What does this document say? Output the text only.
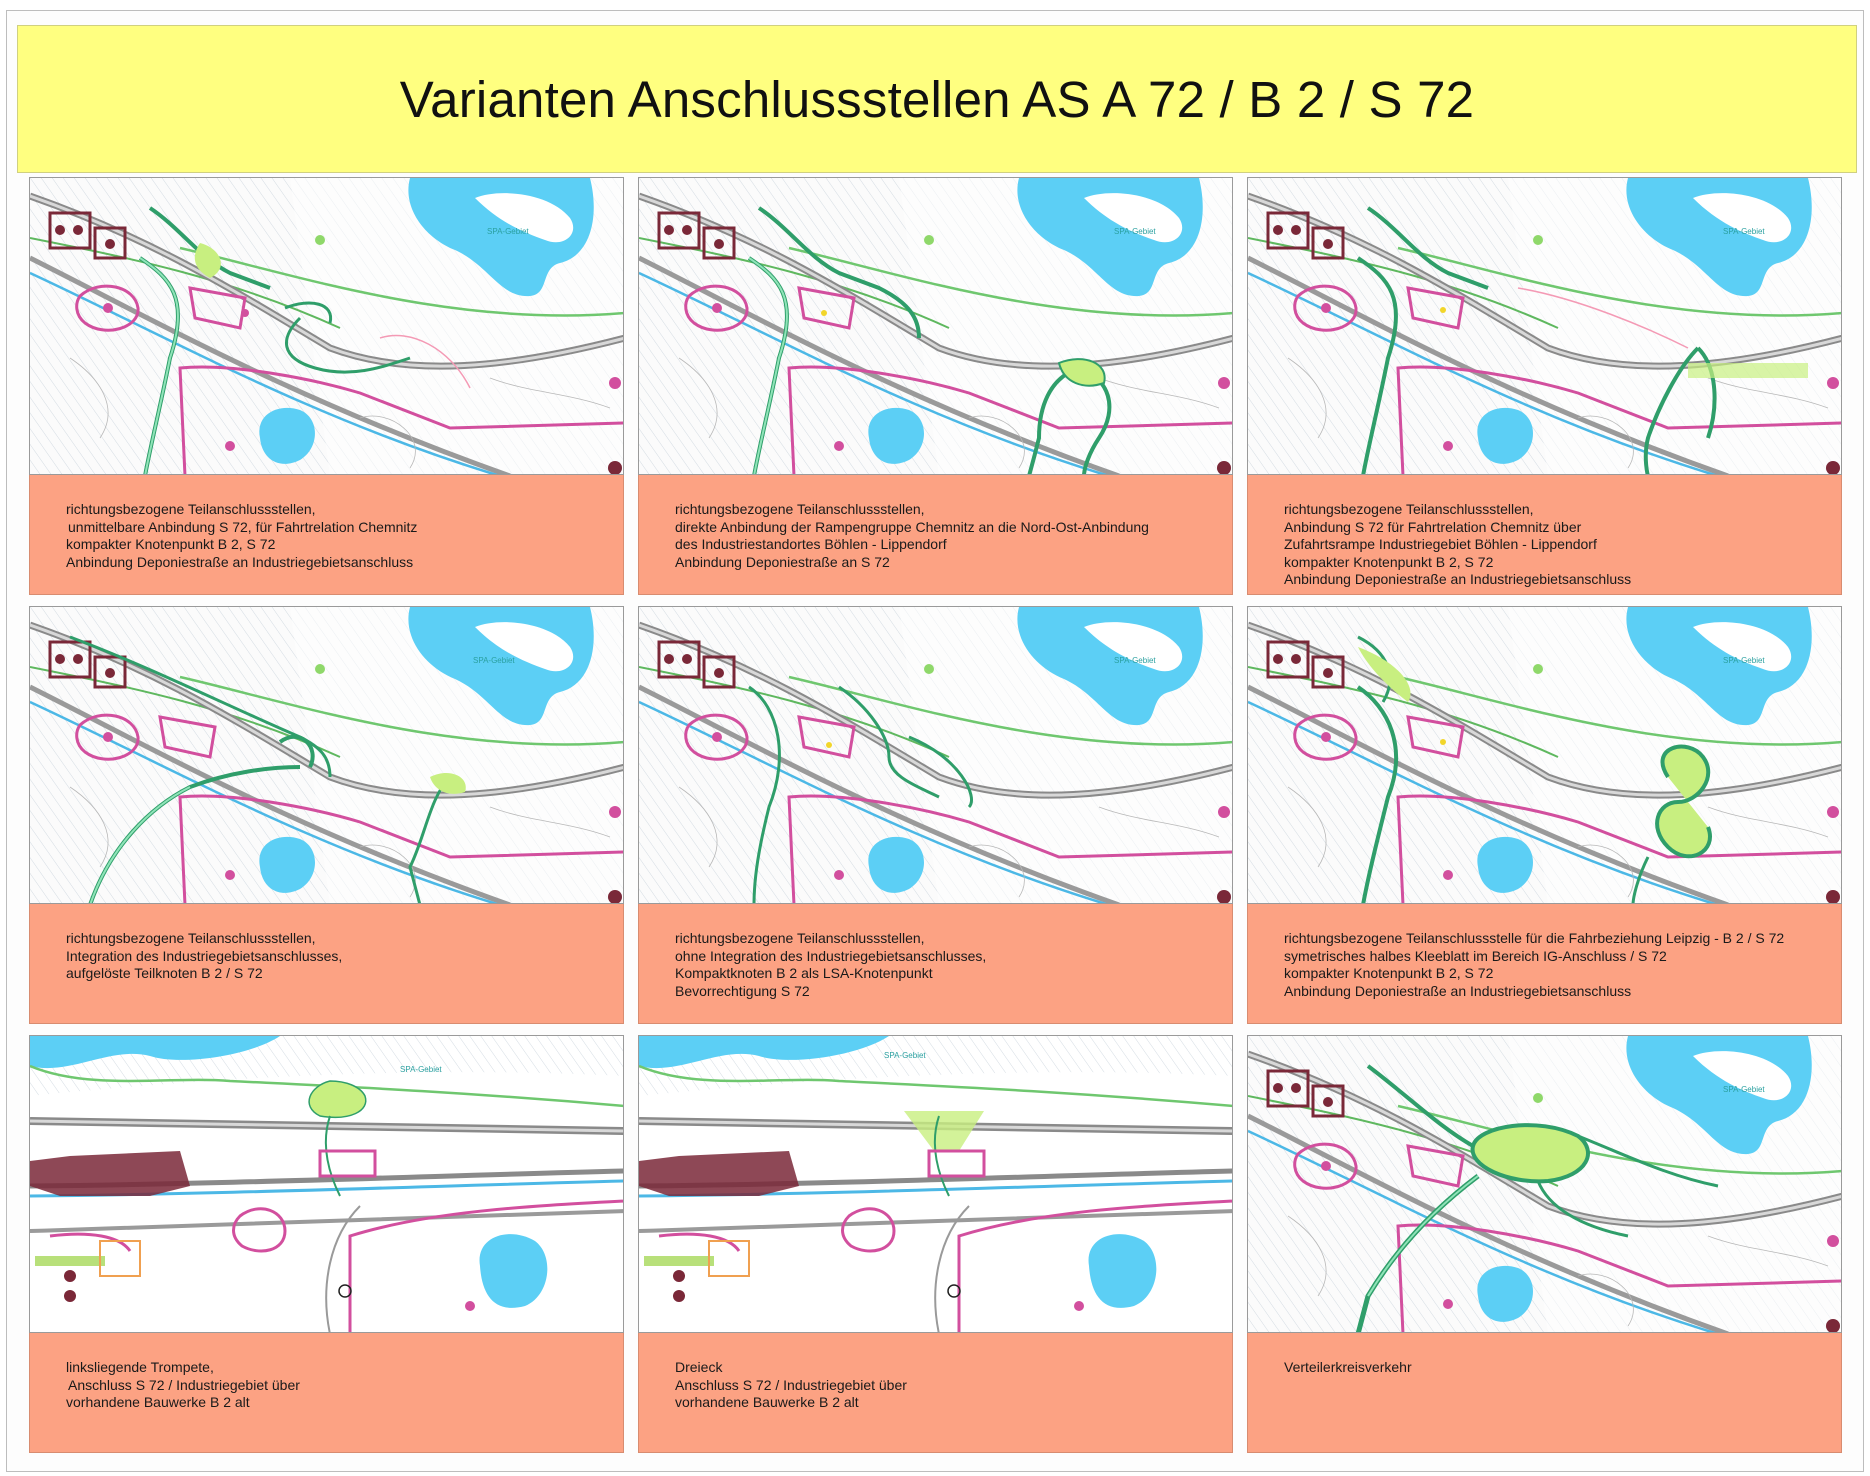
Varianten Anschlussstellen AS A 72 / B 2 / S 72
SPA-Gebiet
richtungsbezogene Teilanschlussstellen,
unmittelbare Anbindung S 72, für Fahrtrelation Chemnitz
kompakter Knotenpunkt B 2, S 72
Anbindung Deponiestraße an Industriegebietsanschluss
SPA-Gebiet
richtungsbezogene Teilanschlussstellen,
direkte Anbindung der Rampengruppe Chemnitz an die Nord-Ost-Anbindung
des Industriestandortes Böhlen - Lippendorf
Anbindung Deponiestraße an S 72
SPA-Gebiet
richtungsbezogene Teilanschlussstellen,
Anbindung S 72 für Fahrtrelation Chemnitz über
Zufahrtsrampe Industriegebiet Böhlen - Lippendorf
kompakter Knotenpunkt B 2, S 72
Anbindung Deponiestraße an Industriegebietsanschluss
SPA-Gebiet
richtungsbezogene Teilanschlussstellen,
Integration des Industriegebietsanschlusses,
aufgelöste Teilknoten B 2 / S 72
SPA-Gebiet
richtungsbezogene Teilanschlussstellen,
ohne Integration des Industriegebietsanschlusses,
Kompaktknoten B 2 als LSA-Knotenpunkt
Bevorrechtigung S 72
SPA-Gebiet
richtungsbezogene Teilanschlussstelle für die Fahrbeziehung Leipzig - B 2 / S 72
symetrisches halbes Kleeblatt im Bereich IG-Anschluss / S 72
kompakter Knotenpunkt B 2, S 72
Anbindung Deponiestraße an Industriegebietsanschluss
SPA-Gebiet
linksliegende Trompete,
Anschluss S 72 / Industriegebiet über
vorhandene Bauwerke B 2 alt
SPA-Gebiet
Dreieck
Anschluss S 72 / Industriegebiet über
vorhandene Bauwerke B 2 alt
SPA-Gebiet
Verteilerkreisverkehr
